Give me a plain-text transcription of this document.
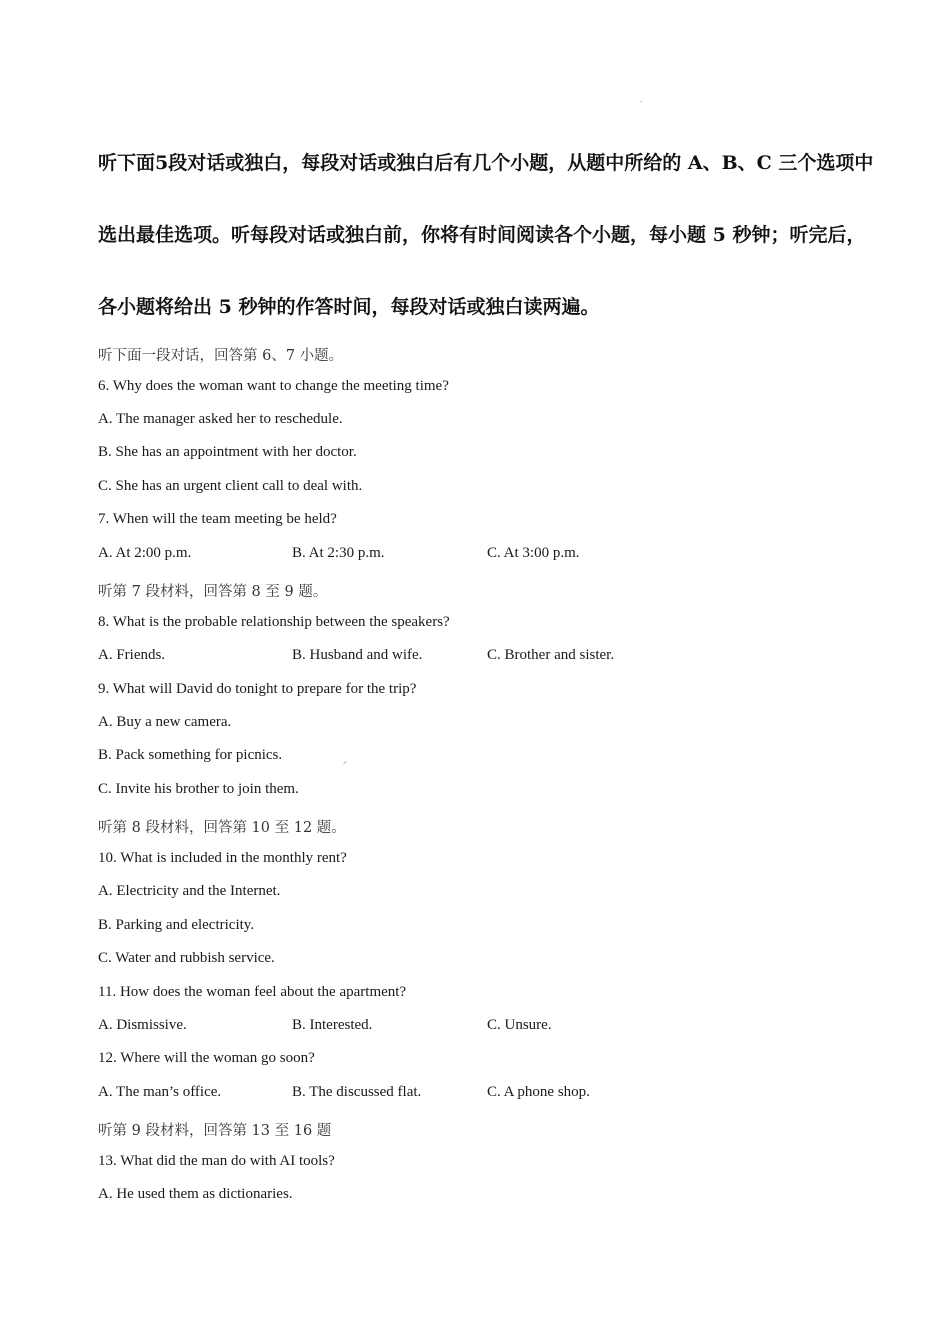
听下面5段对话或独白，每段对话或独白后有几个小题，从题中所给的 A、B、C 三个选项中
选出最佳选项。听每段对话或独白前，你将有时间阅读各个小题，每小题 5 秒钟；听完后，
各小题将给出 5 秒钟的作答时间，每段对话或独白读两遍。
听下面一段对话，回答第 6、7 小题。
6. Why does the woman want to change the meeting time?
A. The manager asked her to reschedule.
B. She has an appointment with her doctor.
C. She has an urgent client call to deal with.
7. When will the team meeting be held?
A. At 2:00 p.m.	B. At 2:30 p.m.	C. At 3:00 p.m.
听第 7 段材料，回答第 8 至 9 题。
8. What is the probable relationship between the speakers?
A. Friends.	B. Husband and wife.	C. Brother and sister.
9. What will David do tonight to prepare for the trip?
A. Buy a new camera.
B. Pack something for picnics.
C. Invite his brother to join them.
听第 8 段材料，回答第 10 至 12 题。
10. What is included in the monthly rent?
A. Electricity and the Internet.
B. Parking and electricity.
C. Water and rubbish service.
11. How does the woman feel about the apartment?
A. Dismissive.	B. Interested.	C. Unsure.
12. Where will the woman go soon?
A. The man’s office.	B. The discussed flat.	C. A phone shop.
听第 9 段材料，回答第 13 至 16 题
13. What did the man do with AI tools?
A. He used them as dictionaries.
